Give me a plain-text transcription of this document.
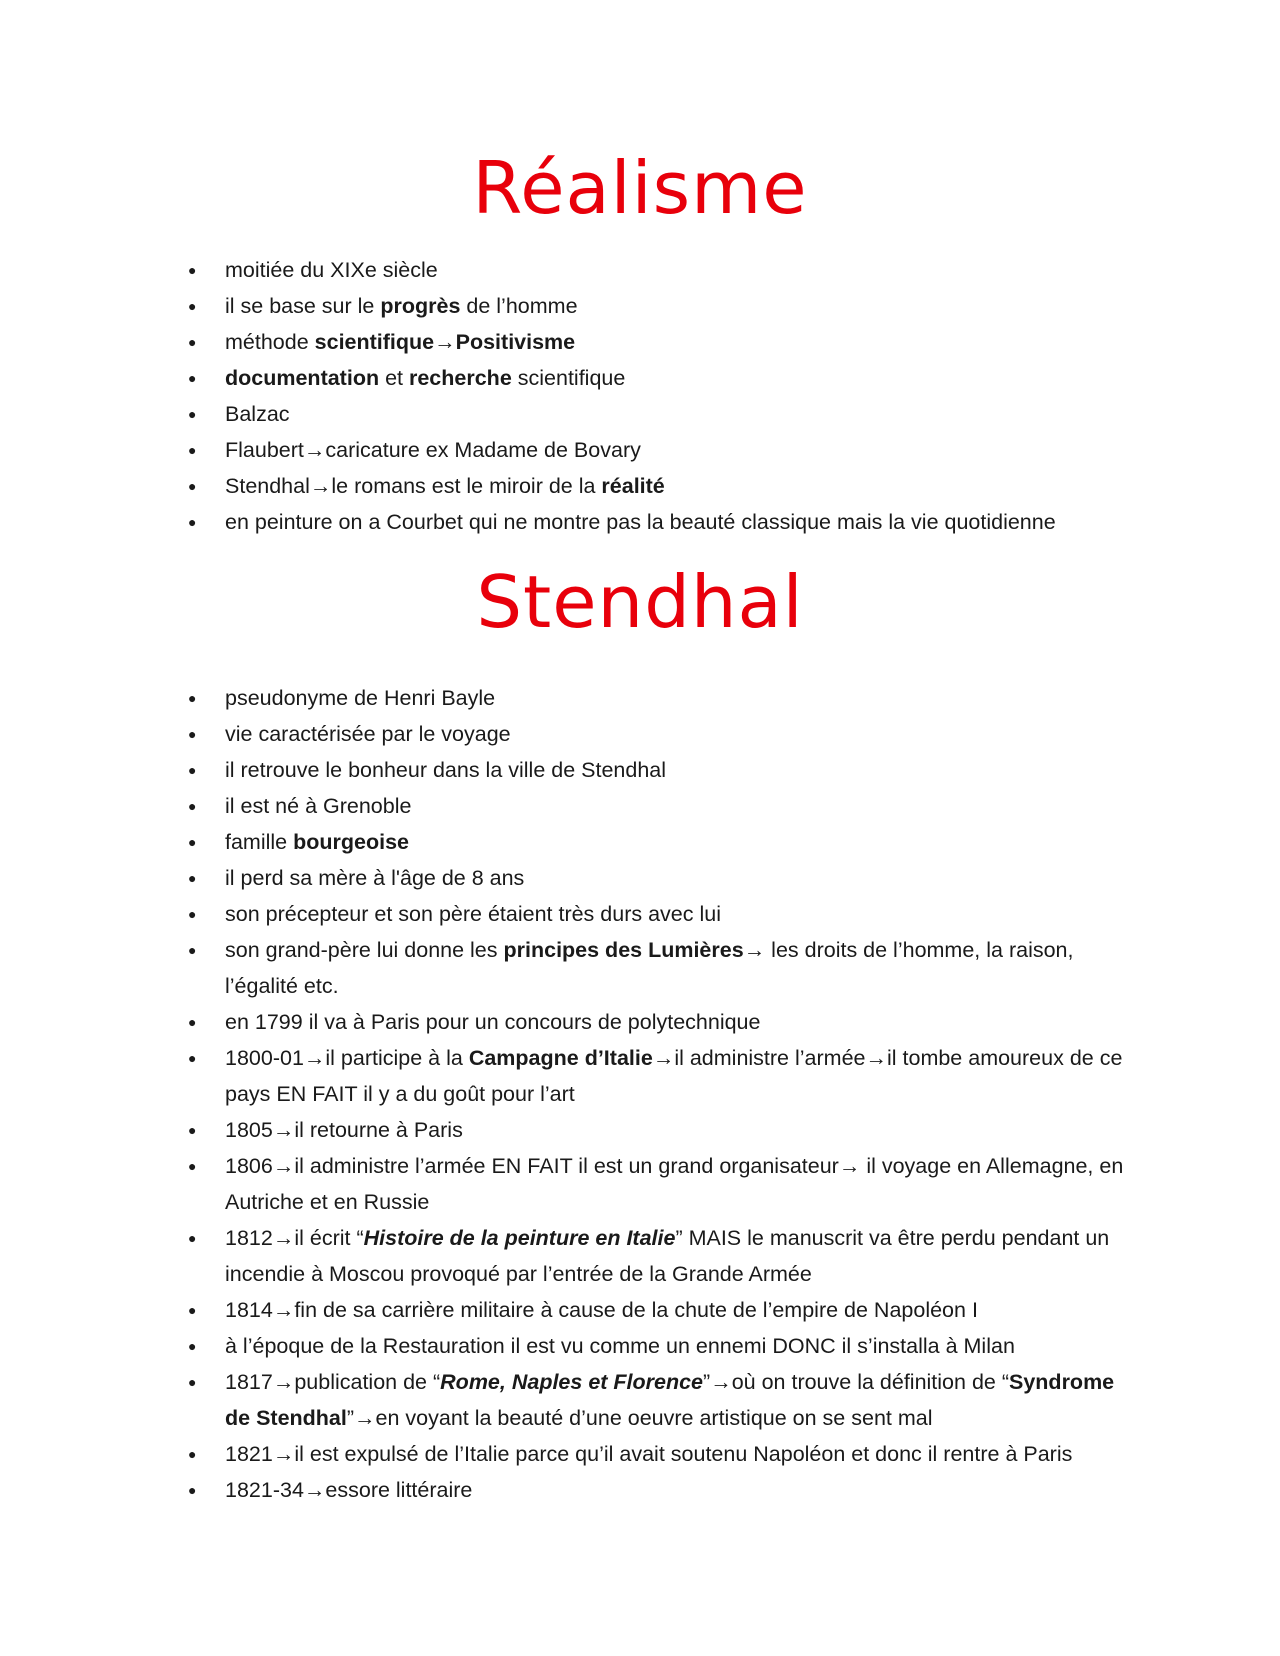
Réalisme
● moitiée du XIXe siècle
● il se base sur le progrès de l’homme
● méthode scientifique→Positivisme
● documentation et recherche scientifique
● Balzac
● Flaubert→caricature ex Madame de Bovary
● Stendhal→le romans est le miroir de la réalité
● en peinture on a Courbet qui ne montre pas la beauté classique mais la vie quotidienne
Stendhal
● pseudonyme de Henri Bayle
● vie caractérisée par le voyage
● il retrouve le bonheur dans la ville de Stendhal
● il est né à Grenoble
● famille bourgeoise
● il perd sa mère à l'âge de 8 ans
● son précepteur et son père étaient très durs avec lui
● son grand-père lui donne les principes des Lumières→ les droits de l’homme, la raison, l’égalité etc.
● en 1799 il va à Paris pour un concours de polytechnique
● 1800-01→il participe à la Campagne d’Italie→il administre l’armée→il tombe amoureux de ce pays EN FAIT il y a du goût pour l’art
● 1805→il retourne à Paris
● 1806→il administre l’armée EN FAIT il est un grand organisateur→ il voyage en Allemagne, en Autriche et en Russie
● 1812→il écrit “Histoire de la peinture en Italie” MAIS le manuscrit va être perdu pendant un incendie à Moscou provoqué par l’entrée de la Grande Armée
● 1814→fin de sa carrière militaire à cause de la chute de l’empire de Napoléon I
● à l’époque de la Restauration il est vu comme un ennemi DONC il s’installa à Milan
● 1817→publication de “Rome, Naples et Florence”→où on trouve la définition de “Syndrome de Stendhal”→en voyant la beauté d’une oeuvre artistique on se sent mal
● 1821→il est expulsé de l’Italie parce qu’il avait soutenu Napoléon et donc il rentre à Paris
● 1821-34→essore littéraire
